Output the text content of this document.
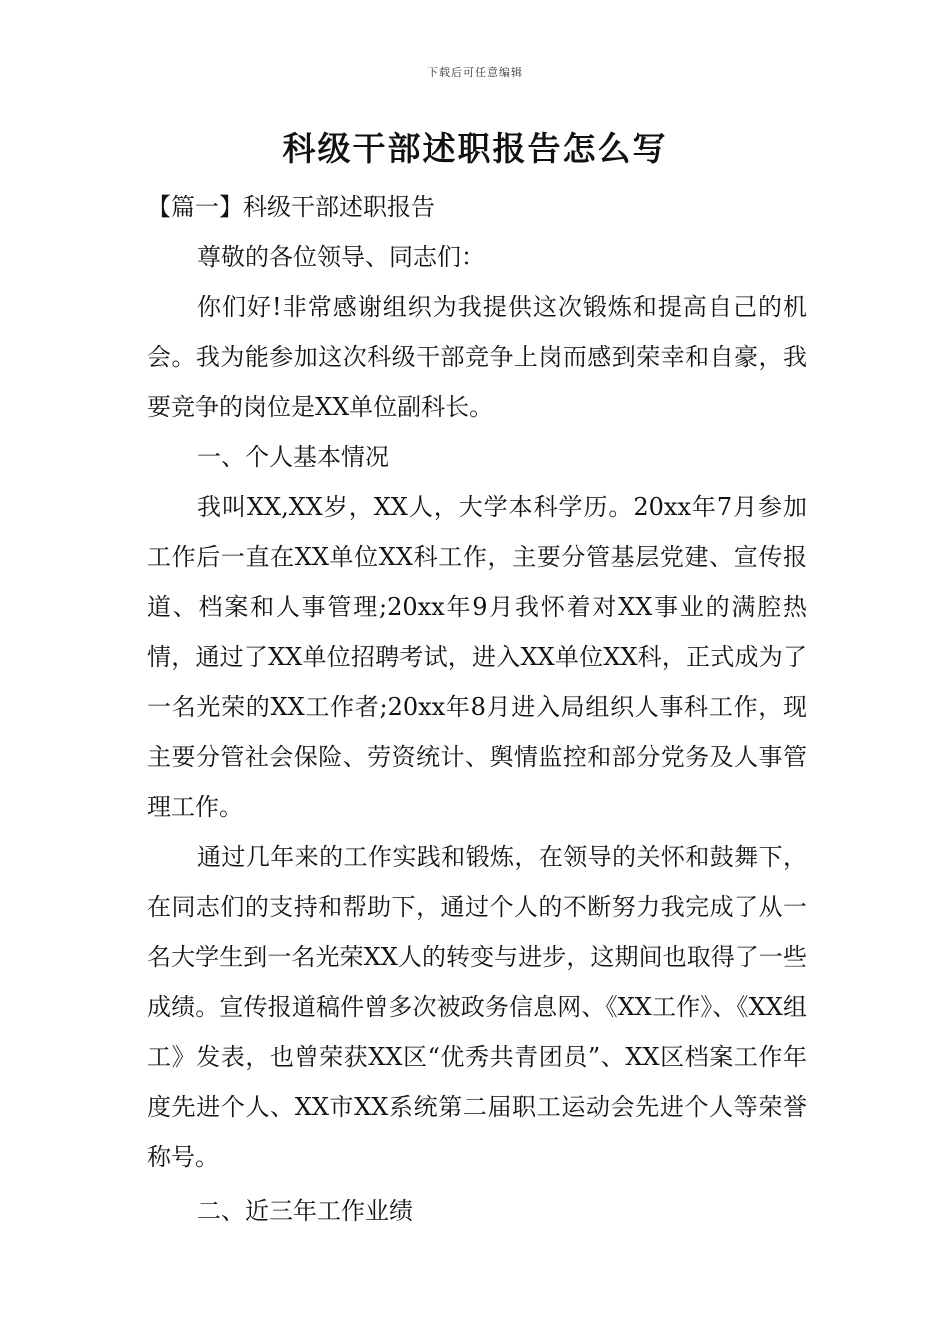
下载后可任意编辑
科级干部述职报告怎么写

【篇一】科级干部述职报告

尊敬的各位领导、同志们：

你们好!非常感谢组织为我提供这次锻炼和提高自己的机会。我为能参加这次科级干部竞争上岗而感到荣幸和自豪，我要竞争的岗位是XX单位副科长。

一、个人基本情况

我叫XX,XX岁，XX人，大学本科学历。20xx年7月参加工作后一直在XX单位XX科工作，主要分管基层党建、宣传报道、档案和人事管理;20xx年9月我怀着对XX事业的满腔热情，通过了XX单位招聘考试，进入XX单位XX科，正式成为了一名光荣的XX工作者;20xx年8月进入局组织人事科工作，现主要分管社会保险、劳资统计、舆情监控和部分党务及人事管理工作。

通过几年来的工作实践和锻炼，在领导的关怀和鼓舞下，在同志们的支持和帮助下，通过个人的不断努力我完成了从一名大学生到一名光荣XX人的转变与进步，这期间也取得了一些成绩。宣传报道稿件曾多次被政务信息网、《XX工作》、《XX组工》发表，也曾荣获XX区“优秀共青团员”、XX区档案工作年度先进个人、XX市XX系统第二届职工运动会先进个人等荣誉称号。

二、近三年工作业绩
